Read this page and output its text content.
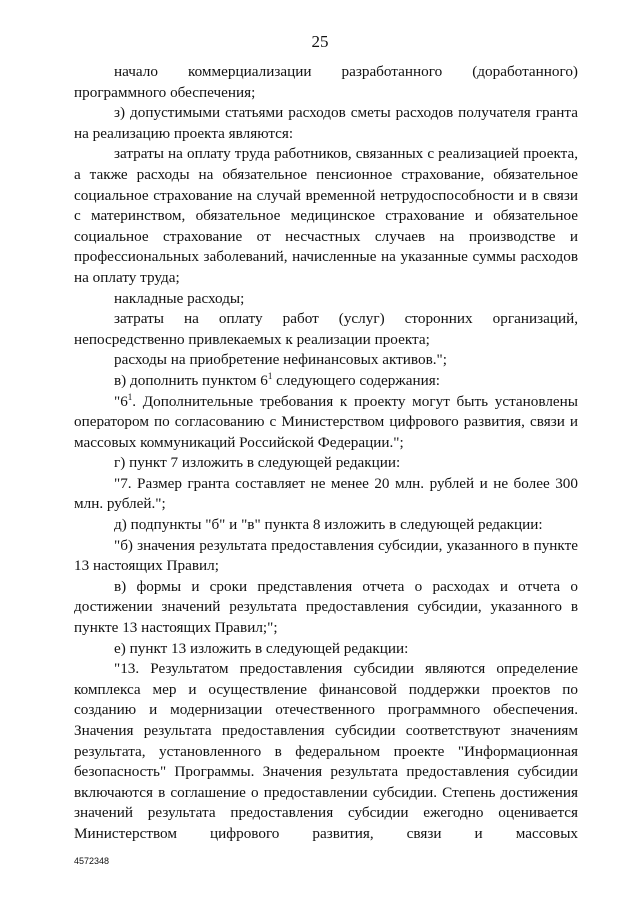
25

начало коммерциализации разработанного (доработанного) программного обеспечения;

з) допустимыми статьями расходов сметы расходов получателя гранта на реализацию проекта являются:

затраты на оплату труда работников, связанных с реализацией проекта, а также расходы на обязательное пенсионное страхование, обязательное социальное страхование на случай временной нетрудоспособности и в связи с материнством, обязательное медицинское страхование и обязательное социальное страхование от несчастных случаев на производстве и профессиональных заболеваний, начисленные на указанные суммы расходов на оплату труда;

накладные расходы;

затраты на оплату работ (услуг) сторонних организаций, непосредственно привлекаемых к реализации проекта;

расходы на приобретение нефинансовых активов.";

в) дополнить пунктом $6^1$ следующего содержания:

"$6^1$. Дополнительные требования к проекту могут быть установлены оператором по согласованию с Министерством цифрового развития, связи и массовых коммуникаций Российской Федерации.";

г) пункт 7 изложить в следующей редакции:

"7. Размер гранта составляет не менее 20 млн. рублей и не более 300 млн. рублей.";

д) подпункты "б" и "в" пункта 8 изложить в следующей редакции:

"б) значения результата предоставления субсидии, указанного в пункте 13 настоящих Правил;

в) формы и сроки представления отчета о расходах и отчета о достижении значений результата предоставления субсидии, указанного в пункте 13 настоящих Правил;";

е) пункт 13 изложить в следующей редакции:

"13. Результатом предоставления субсидии являются определение комплекса мер и осуществление финансовой поддержки проектов по созданию и модернизации отечественного программного обеспечения. Значения результата предоставления субсидии соответствуют значениям результата, установленного в федеральном проекте "Информационная безопасность" Программы. Значения результата предоставления субсидии включаются в соглашение о предоставлении субсидии. Степень достижения значений результата предоставления субсидии ежегодно оценивается Министерством цифрового развития, связи и массовых

4572348
